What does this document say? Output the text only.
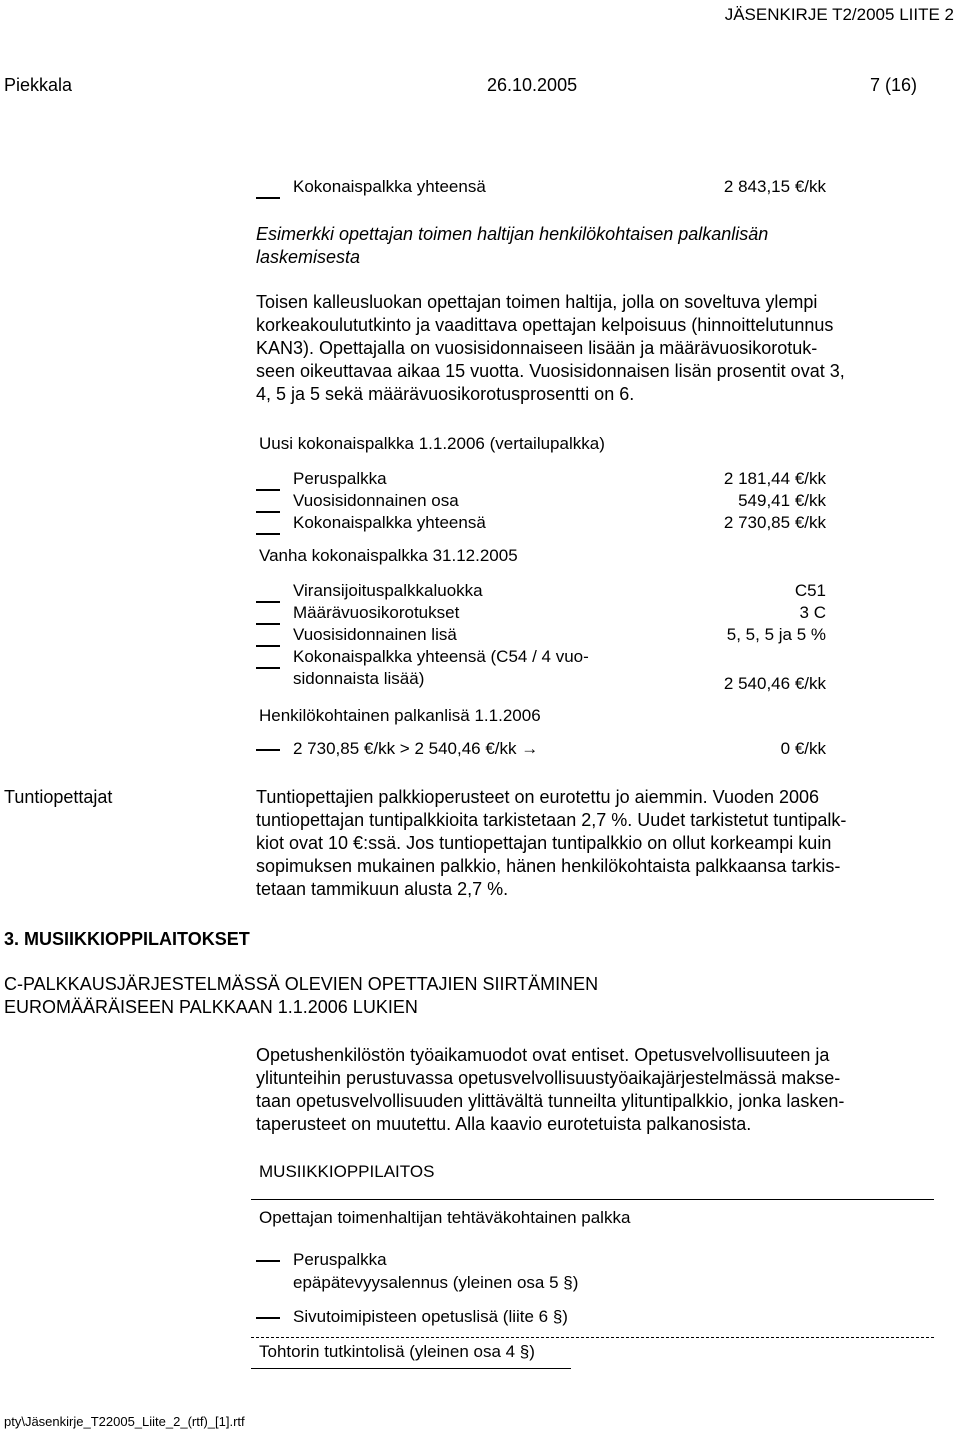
JÄSENKIRJE T2/2005 LIITE 2
Piekkala	26.10.2005	7 (16)
Kokonaispalkka yhteensä	2 843,15 €/kk
Esimerkki opettajan toimen haltijan henkilökohtaisen palkanlisän
laskemisesta
Toisen kalleusluokan opettajan toimen haltija, jolla on soveltuva ylempi
korkeakoulututkinto ja vaadittava opettajan kelpoisuus (hinnoittelutunnus
KAN3). Opettajalla on vuosisidonnaiseen lisään ja määrävuosikorotuk-
seen oikeuttavaa aikaa 15 vuotta. Vuosisidonnaisen lisän prosentit ovat 3,
4, 5 ja 5 sekä määrävuosikorotusprosentti on 6.
Uusi kokonaispalkka 1.1.2006 (vertailupalkka)
Peruspalkka	2 181,44 €/kk
Vuosisidonnainen osa	549,41 €/kk
Kokonaispalkka yhteensä	2 730,85 €/kk
Vanha kokonaispalkka 31.12.2005
Viransijoituspalkkaluokka	C51
Määrävuosikorotukset	3 C
Vuosisidonnainen lisä	5, 5, 5 ja 5 %
Kokonaispalkka yhteensä (C54 / 4 vuo-
sidonnaista lisää)	2 540,46 €/kk
Henkilökohtainen palkanlisä 1.1.2006
2 730,85 €/kk > 2 540,46 €/kk →	0 €/kk
Tuntiopettajat	Tuntiopettajien palkkioperusteet on eurotettu jo aiemmin. Vuoden 2006
tuntiopettajan tuntipalkkioita tarkistetaan 2,7 %. Uudet tarkistetut tuntipalk-
kiot ovat 10 €:ssä. Jos tuntiopettajan tuntipalkkio on ollut korkeampi kuin
sopimuksen mukainen palkkio, hänen henkilökohtaista palkkaansa tarkis-
tetaan tammikuun alusta 2,7 %.
3. MUSIIKKIOPPILAITOKSET
C-PALKKAUSJÄRJESTELMÄSSÄ OLEVIEN OPETTAJIEN SIIRTÄMINEN
EUROMÄÄRÄISEEN PALKKAAN 1.1.2006 LUKIEN
Opetushenkilöstön työaikamuodot ovat entiset. Opetusvelvollisuuteen ja
ylitunteihin perustuvassa opetusvelvollisuustyöaikajärjestelmässä makse-
taan opetusvelvollisuuden ylittävältä tunneilta ylituntipalkkio, jonka lasken-
taperusteet on muutettu. Alla kaavio eurotetuista palkanosista.
MUSIIKKIOPPILAITOS
Opettajan toimenhaltijan tehtäväkohtainen palkka
Peruspalkka
epäpätevyysalennus (yleinen osa 5 §)
Sivutoimipisteen opetuslisä (liite 6 §)
Tohtorin tutkintolisä (yleinen osa 4 §)
pty\Jäsenkirje_T22005_Liite_2_(rtf)_[1].rtf
